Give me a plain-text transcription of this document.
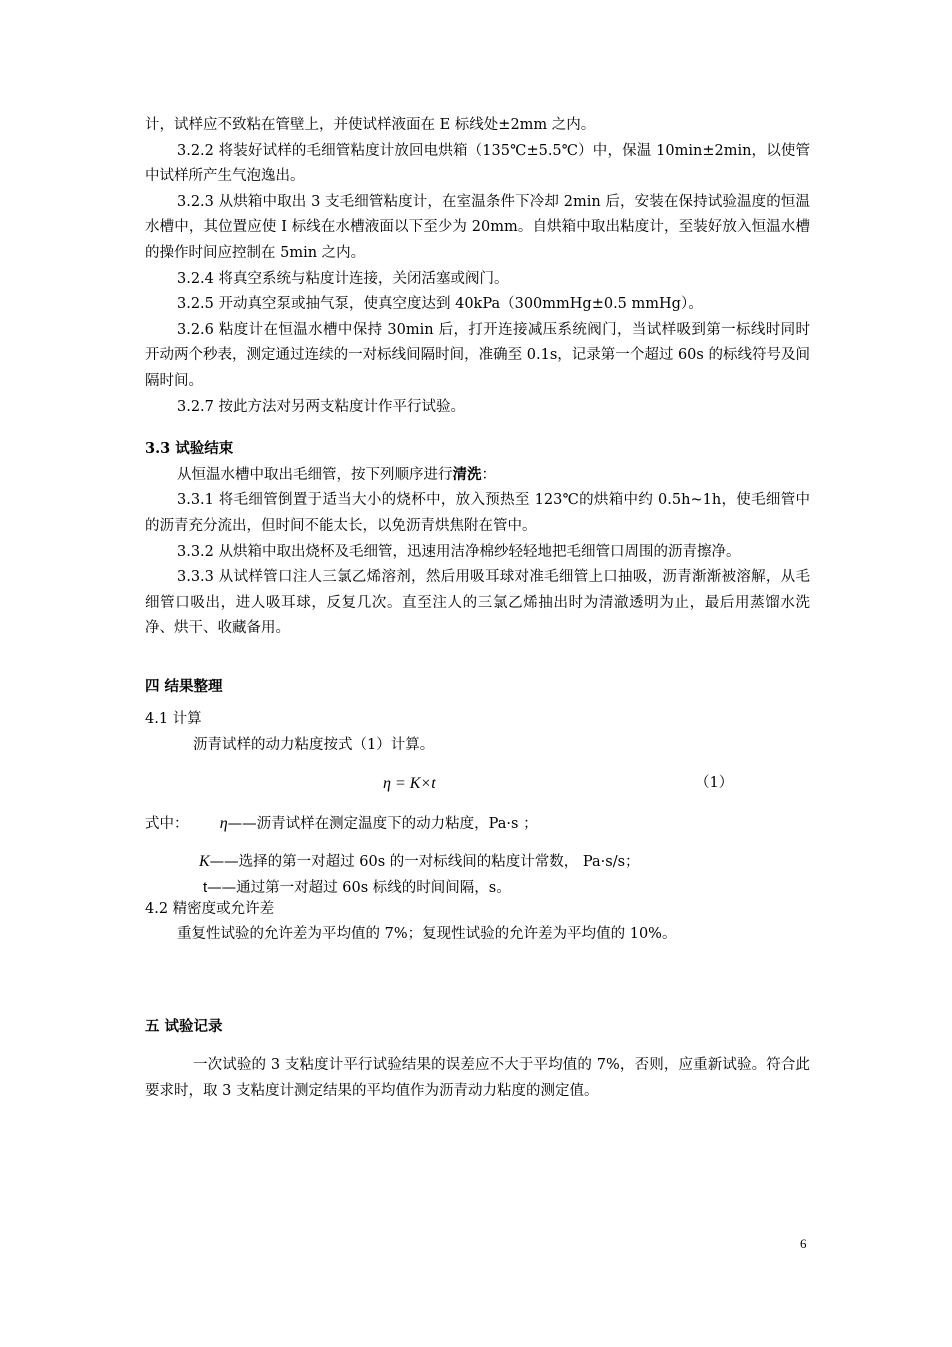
计，试样应不致粘在管壁上，并使试样液面在 E 标线处±2mm 之内。

3.2.2 将装好试样的毛细管粘度计放回电烘箱（135℃±5.5℃）中，保温 10min±2min，以使管中试样所产生气泡逸出。

3.2.3 从烘箱中取出 3 支毛细管粘度计，在室温条件下冷却 2min 后，安装在保持试验温度的恒温水槽中，其位置应使 I 标线在水槽液面以下至少为 20mm。自烘箱中取出粘度计，至装好放入恒温水槽的操作时间应控制在 5min 之内。

3.2.4 将真空系统与粘度计连接，关闭活塞或阀门。

3.2.5 开动真空泵或抽气泵，使真空度达到 40kPa（300mmHg±0.5 mmHg）。

3.2.6 粘度计在恒温水槽中保持 30min 后，打开连接减压系统阀门，当试样吸到第一标线时同时开动两个秒表，测定通过连续的一对标线间隔时间，准确至 0.1s，记录第一个超过 60s 的标线符号及间隔时间。

3.2.7 按此方法对另两支粘度计作平行试验。

3.3 试验结束

从恒温水槽中取出毛细管，按下列顺序进行清洗：

3.3.1 将毛细管倒置于适当大小的烧杯中，放入预热至 123℃的烘箱中约 0.5h~1h，使毛细管中的沥青充分流出，但时间不能太长，以免沥青烘焦附在管中。

3.3.2 从烘箱中取出烧杯及毛细管，迅速用洁净棉纱轻轻地把毛细管口周围的沥青擦净。

3.3.3 从试样管口注人三氯乙烯溶剂，然后用吸耳球对准毛细管上口抽吸，沥青渐渐被溶解，从毛细管口吸出，进人吸耳球，反复几次。直至注人的三氯乙烯抽出时为清澈透明为止，最后用蒸馏水洗净、烘干、收藏备用。

四 结果整理

4.1 计算

沥青试样的动力粘度按式（1）计算。

η = K×t	（1）
式中： η——沥青试样在测定温度下的动力粘度，Pa·s ；
K——选择的第一对超过 60s 的一对标线间的粘度计常数， Pa·s/s；
t——通过第一对超过 60s 标线的时间间隔，s。

4.2 精密度或允许差

重复性试验的允许差为平均值的 7%；复现性试验的允许差为平均值的 10%。

五 试验记录

一次试验的 3 支粘度计平行试验结果的误差应不大于平均值的 7%，否则，应重新试验。符合此要求时，取 3 支粘度计测定结果的平均值作为沥青动力粘度的测定值。

6
